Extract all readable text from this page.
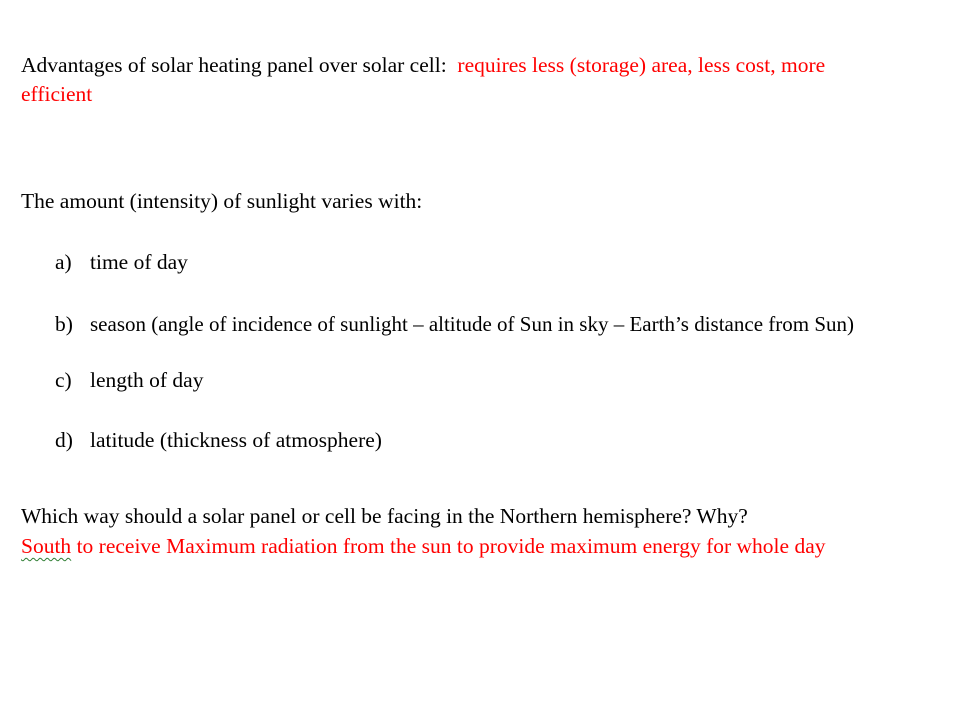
Advantages of solar heating panel over solar cell: requires less (storage) area, less cost, more
efficient
The amount (intensity) of sunlight varies with:
a) time of day
b) season (angle of incidence of sunlight – altitude of Sun in sky – Earth’s distance from Sun)
c) length of day
d) latitude (thickness of atmosphere)
Which way should a solar panel or cell be facing in the Northern hemisphere? Why?
South to receive Maximum radiation from the sun to provide maximum energy for whole day
